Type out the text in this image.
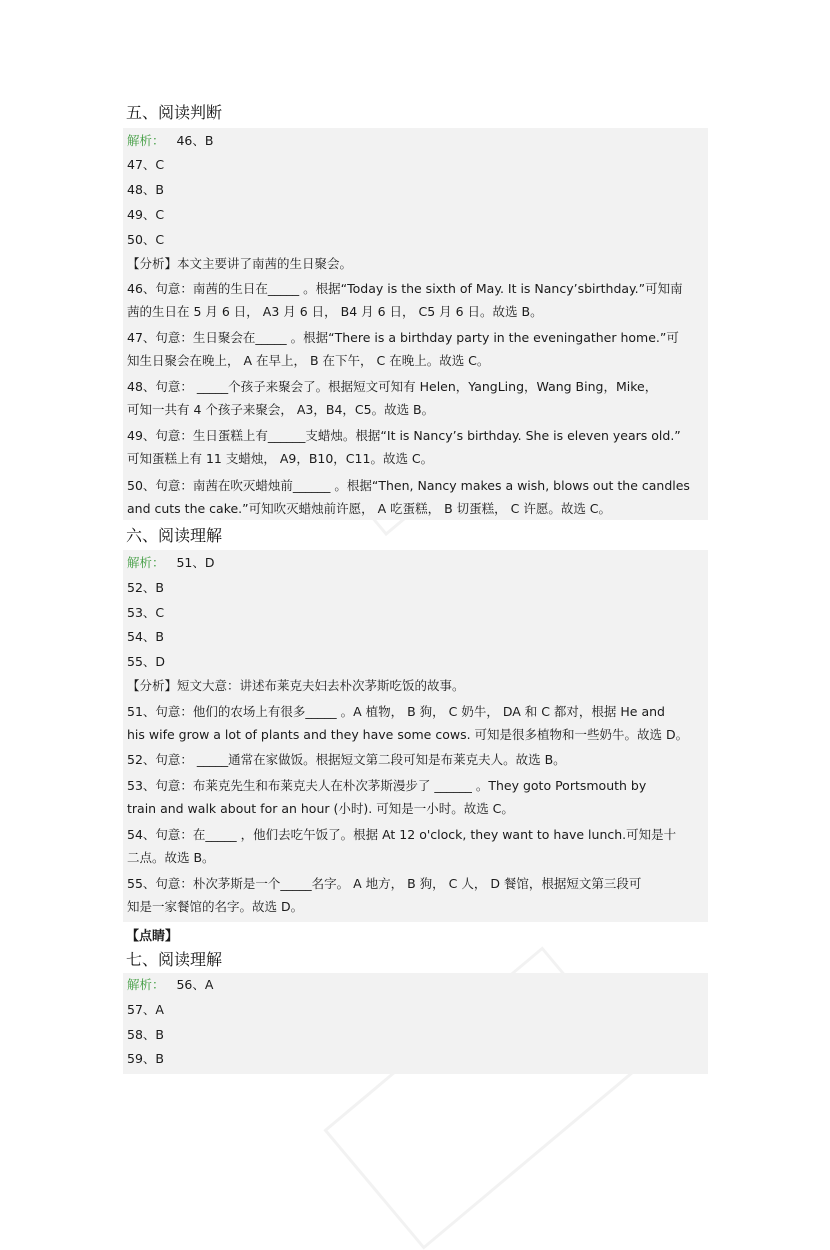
五、阅读判断
解析： 46、B
47、C
48、B
49、C
50、C
【分析】本文主要讲了南茜的生日聚会。
46、句意：南茜的生日在_____ 。根据“Today is the sixth of May. It is Nancy’sbirthday.”可知南
茜的生日在 5 月 6 日， A3 月 6 日， B4 月 6 日， C5 月 6 日。故选 B。
47、句意：生日聚会在_____ 。根据“There is a birthday party in the eveningather home.”可
知生日聚会在晚上， A 在早上， B 在下午， C 在晚上。故选 C。
48、句意： _____个孩子来聚会了。根据短文可知有 Helen，YangLing，Wang Bing，Mike，
可知一共有 4 个孩子来聚会， A3，B4，C5。故选 B。
49、句意：生日蛋糕上有______支蜡烛。根据“It is Nancy’s birthday. She is eleven years old.”
可知蛋糕上有 11 支蜡烛， A9，B10，C11。故选 C。
50、句意：南茜在吹灭蜡烛前______ 。根据“Then, Nancy makes a wish, blows out the candles
and cuts the cake.”可知吹灭蜡烛前许愿， A 吃蛋糕， B 切蛋糕， C 许愿。故选 C。
六、阅读理解
解析： 51、D
52、B
53、C
54、B
55、D
【分析】短文大意：讲述布莱克夫妇去朴次茅斯吃饭的故事。
51、句意：他们的农场上有很多_____ 。A 植物， B 狗， C 奶牛， DA 和 C 都对，根据 He and
his wife grow a lot of plants and they have some cows. 可知是很多植物和一些奶牛。故选 D。
52、句意： _____通常在家做饭。根据短文第二段可知是布莱克夫人。故选 B。
53、句意：布莱克先生和布莱克夫人在朴次茅斯漫步了 ______ 。They goto Portsmouth by
train and walk about for an hour (小时). 可知是一小时。故选 C。
54、句意：在_____ ，他们去吃午饭了。根据 At 12 o'clock, they want to have lunch.可知是十
二点。故选 B。
55、句意：朴次茅斯是一个_____名字。 A 地方， B 狗， C 人， D 餐馆，根据短文第三段可
知是一家餐馆的名字。故选 D。
【点睛】
七、阅读理解
解析： 56、A
57、A
58、B
59、B
